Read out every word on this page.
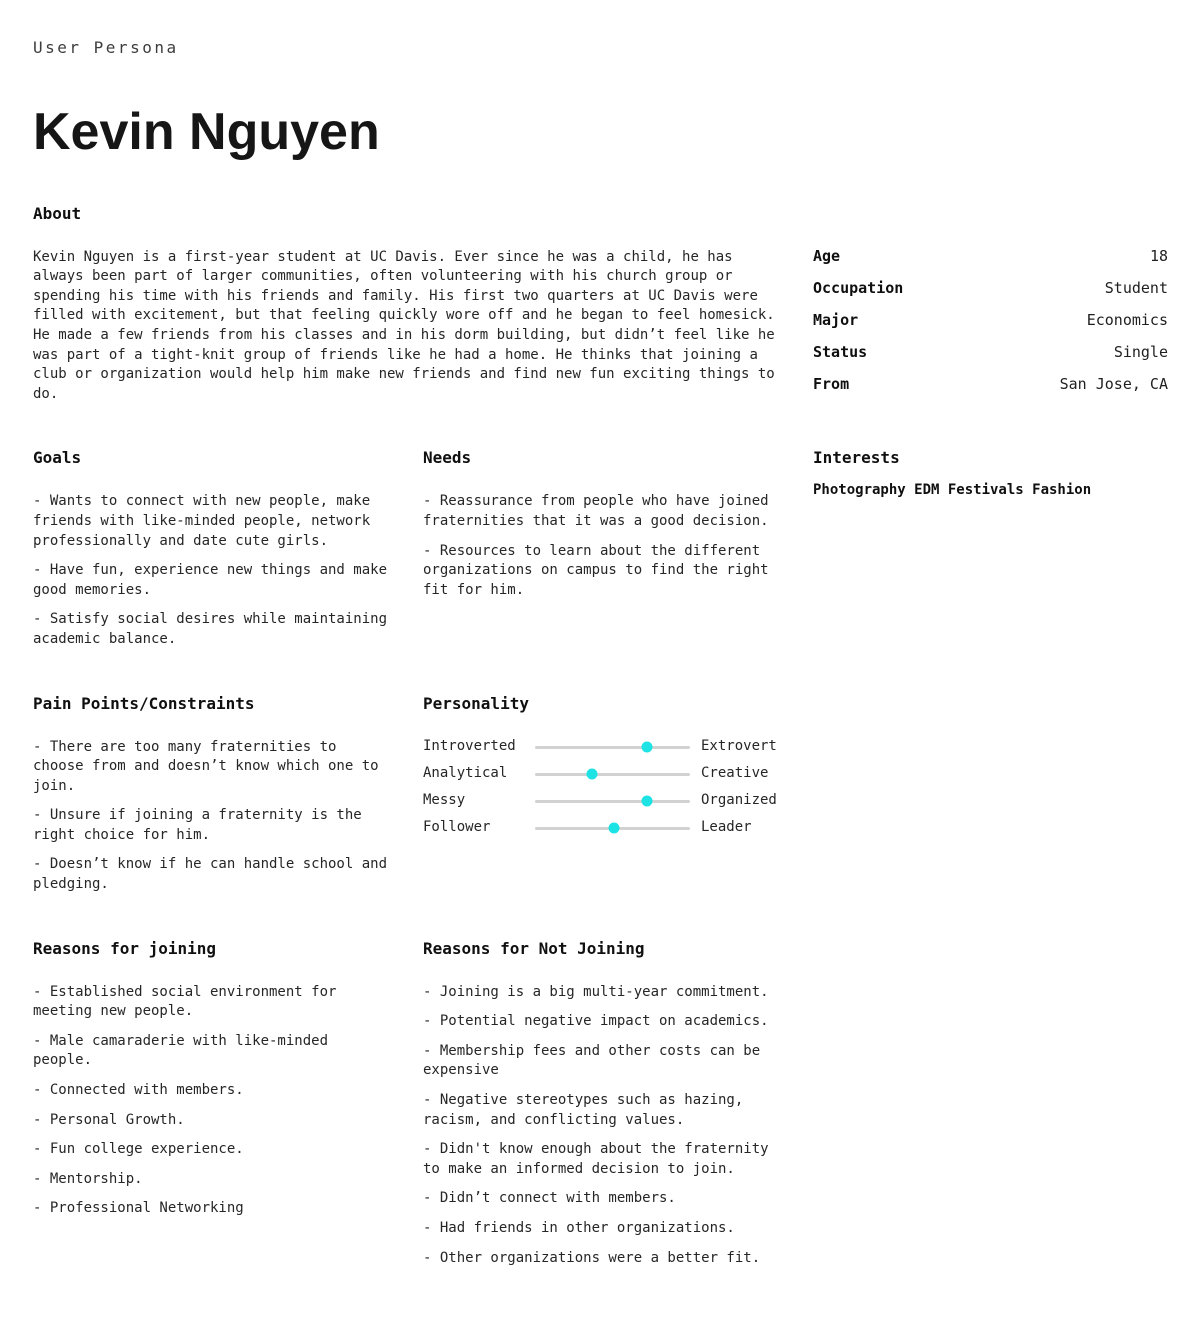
User Persona

Kevin Nguyen
About

Kevin Nguyen is a first-year student at UC Davis. Ever since he was a child, he has always been part of larger communities, often volunteering with his church group or spending his time with his friends and family. His first two quarters at UC Davis were filled with excitement, but that feeling quickly wore off and he began to feel homesick. He made a few friends from his classes and in his dorm building, but didn’t feel like he was part of a tight-knit group of friends like he had a home. He thinks that joining a club or organization would help him make new friends and find new fun exciting things to do.

Age	18
Occupation	Student
Major	Economics
Status	Single
From	San Jose, CA
Goals

- Wants to connect with new people, make friends with like-minded people, network professionally and date cute girls.

- Have fun, experience new things and make good memories.

- Satisfy social desires while maintaining academic balance.

Needs

- Reassurance from people who have joined fraternities that it was a good decision.

- Resources to learn about the different organizations on campus to find the right fit for him.

Interests

Photography EDM Festivals Fashion

Pain Points/Constraints

- There are too many fraternities to choose from and doesn’t know which one to join.

- Unsure if joining a fraternity is the right choice for him.

- Doesn’t know if he can handle school and pledging.

Personality
Introverted	Extrovert
Analytical	Creative
Messy	Organized
Follower	Leader
Reasons for joining

- Established social environment for meeting new people.

- Male camaraderie with like-minded people.

- Connected with members.

- Personal Growth.

- Fun college experience.

- Mentorship.

- Professional Networking

Reasons for Not Joining

- Joining is a big multi-year commitment.

- Potential negative impact on academics.

- Membership fees and other costs can be expensive

- Negative stereotypes such as hazing, racism, and conflicting values.

- Didn't know enough about the fraternity to make an informed decision to join.

- Didn’t connect with members.

- Had friends in other organizations.

- Other organizations were a better fit.
